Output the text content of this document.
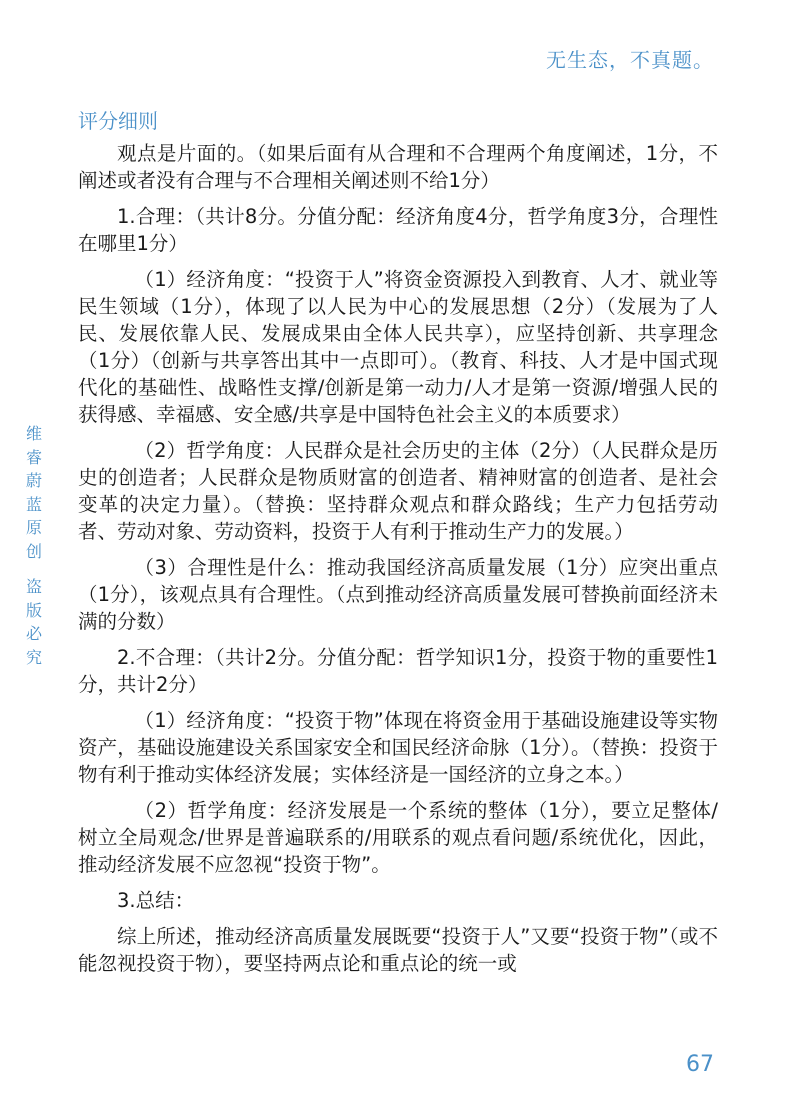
无生态，不真题。
评分细则

观点是片面的。（如果后面有从合理和不合理两个角度阐述，1分，不阐述或者没有合理与不合理相关阐述则不给1分）

1.合理：（共计8分。分值分配：经济角度4分，哲学角度3分，合理性在哪里1分）

（1）经济角度：“投资于人”将资金资源投入到教育、人才、就业等民生领域（1分），体现了以人民为中心的发展思想（2分）（发展为了人民、发展依靠人民、发展成果由全体人民共享），应坚持创新、共享理念（1分）（创新与共享答出其中一点即可）。（教育、科技、人才是中国式现代化的基础性、战略性支撑/创新是第一动力/人才是第一资源/增强人民的获得感、幸福感、安全感/共享是中国特色社会主义的本质要求）

（2）哲学角度：人民群众是社会历史的主体（2分）（人民群众是历史的创造者；人民群众是物质财富的创造者、精神财富的创造者、是社会变革的决定力量）。（替换：坚持群众观点和群众路线；生产力包括劳动者、劳动对象、劳动资料，投资于人有利于推动生产力的发展。）

（3）合理性是什么：推动我国经济高质量发展（1分）应突出重点（1分），该观点具有合理性。（点到推动经济高质量发展可替换前面经济未满的分数）

2.不合理：（共计2分。分值分配：哲学知识1分，投资于物的重要性1分，共计2分）

（1）经济角度：“投资于物”体现在将资金用于基础设施建设等实物资产，基础设施建设关系国家安全和国民经济命脉（1分）。（替换：投资于物有利于推动实体经济发展；实体经济是一国经济的立身之本。）

（2）哲学角度：经济发展是一个系统的整体（1分），要立足整体/树立全局观念/世界是普遍联系的/用联系的观点看问题/系统优化，因此，推动经济发展不应忽视“投资于物”。

3.总结：

综上所述，推动经济高质量发展既要“投资于人”又要“投资于物”（或不能忽视投资于物），要坚持两点论和重点论的统一或

维
睿
蔚
蓝
原
创
盗
版
必
究
67
